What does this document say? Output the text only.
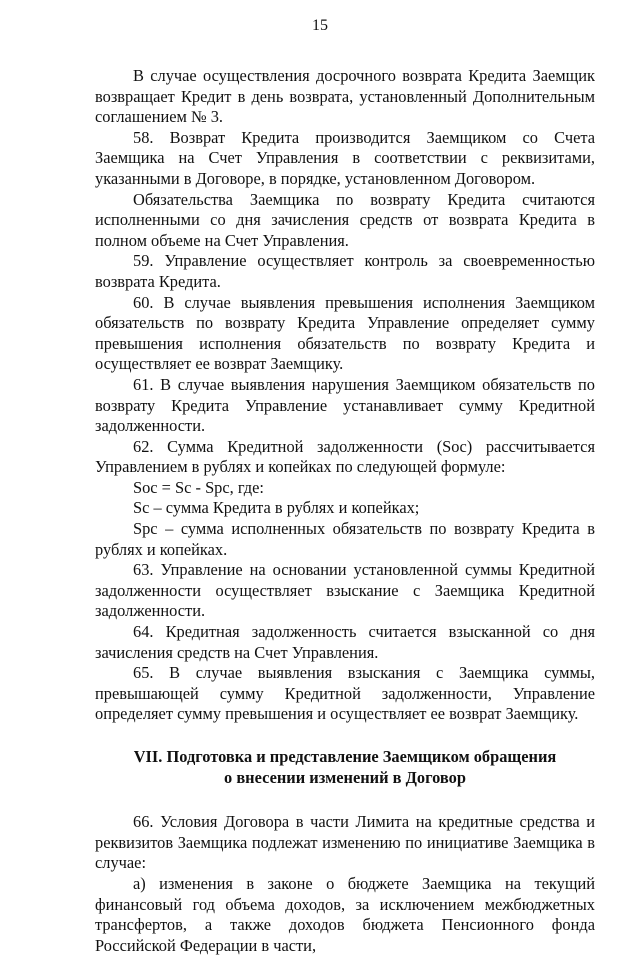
15

В случае осуществления досрочного возврата Кредита Заемщик возвращает Кредит в день возврата, установленный Дополнительным соглашением № 3.

58. Возврат Кредита производится Заемщиком со Счета Заемщика на Счет Управления в соответствии с реквизитами, указанными в Договоре, в порядке, установленном Договором.

Обязательства Заемщика по возврату Кредита считаются исполненными со дня зачисления средств от возврата Кредита в полном объеме на Счет Управления.

59. Управление осуществляет контроль за своевременностью возврата Кредита.

60. В случае выявления превышения исполнения Заемщиком обязательств по возврату Кредита Управление определяет сумму превышения исполнения обязательств по возврату Кредита и осуществляет ее возврат Заемщику.

61. В случае выявления нарушения Заемщиком обязательств по возврату Кредита Управление устанавливает сумму Кредитной задолженности.

62. Сумма Кредитной задолженности (Soc) рассчитывается Управлением в рублях и копейках по следующей формуле:

Soc = Sc - Spc, где:

Sc – сумма Кредита в рублях и копейках;

Spc – сумма исполненных обязательств по возврату Кредита в рублях и копейках.

63. Управление на основании установленной суммы Кредитной задолженности осуществляет взыскание с Заемщика Кредитной задолженности.

64. Кредитная задолженность считается взысканной со дня зачисления средств на Счет Управления.

65. В случае выявления взыскания с Заемщика суммы, превышающей сумму Кредитной задолженности, Управление определяет сумму превышения и осуществляет ее возврат Заемщику.

VII. Подготовка и представление Заемщиком обращения
о внесении изменений в Договор

66. Условия Договора в части Лимита на кредитные средства и реквизитов Заемщика подлежат изменению по инициативе Заемщика в случае:

а) изменения в законе о бюджете Заемщика на текущий финансовый год объема доходов, за исключением межбюджетных трансфертов, а также доходов бюджета Пенсионного фонда Российской Федерации в части,
